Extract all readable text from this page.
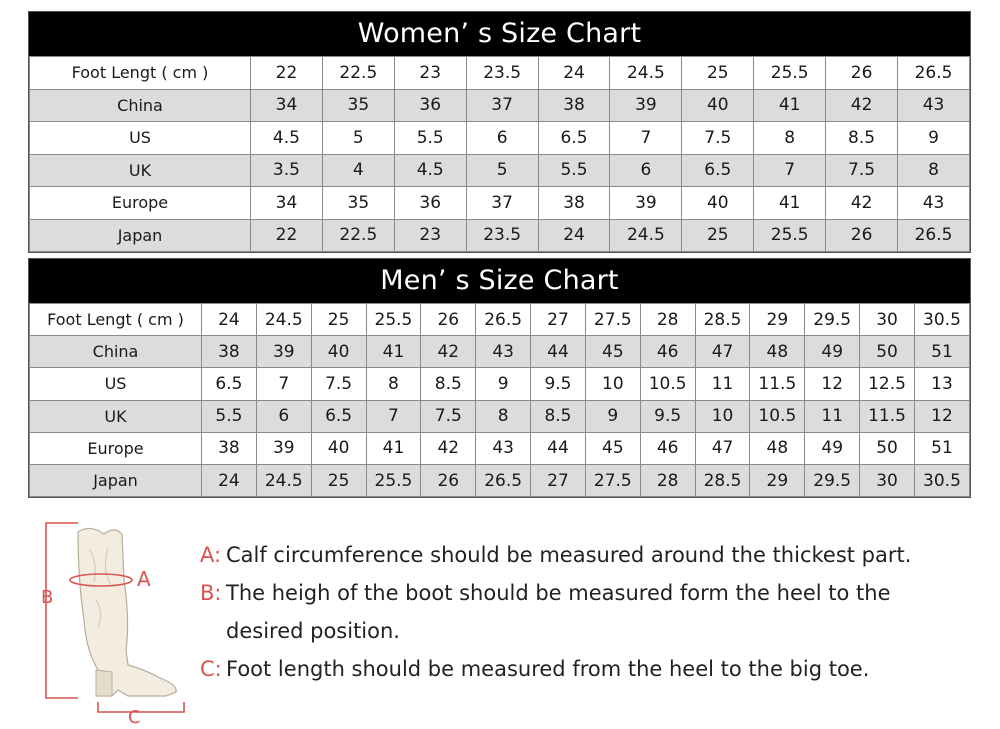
Women’ s Size Chart
Foot Lengt ( cm )	22	22.5	23	23.5	24	24.5	25	25.5	26	26.5
China	34	35	36	37	38	39	40	41	42	43
US	4.5	5	5.5	6	6.5	7	7.5	8	8.5	9
UK	3.5	4	4.5	5	5.5	6	6.5	7	7.5	8
Europe	34	35	36	37	38	39	40	41	42	43
Japan	22	22.5	23	23.5	24	24.5	25	25.5	26	26.5
Men’ s Size Chart
Foot Lengt ( cm )	24	24.5	25	25.5	26	26.5	27	27.5	28	28.5	29	29.5	30	30.5
China	38	39	40	41	42	43	44	45	46	47	48	49	50	51
US	6.5	7	7.5	8	8.5	9	9.5	10	10.5	11	11.5	12	12.5	13
UK	5.5	6	6.5	7	7.5	8	8.5	9	9.5	10	10.5	11	11.5	12
Europe	38	39	40	41	42	43	44	45	46	47	48	49	50	51
Japan	24	24.5	25	25.5	26	26.5	27	27.5	28	28.5	29	29.5	30	30.5
A
B
C
A: Calf circumference should be measured around the thickest part.
B: The heigh of the boot should be measured form the heel to the
desired position.
C: Foot length should be measured from the heel to the big toe.
